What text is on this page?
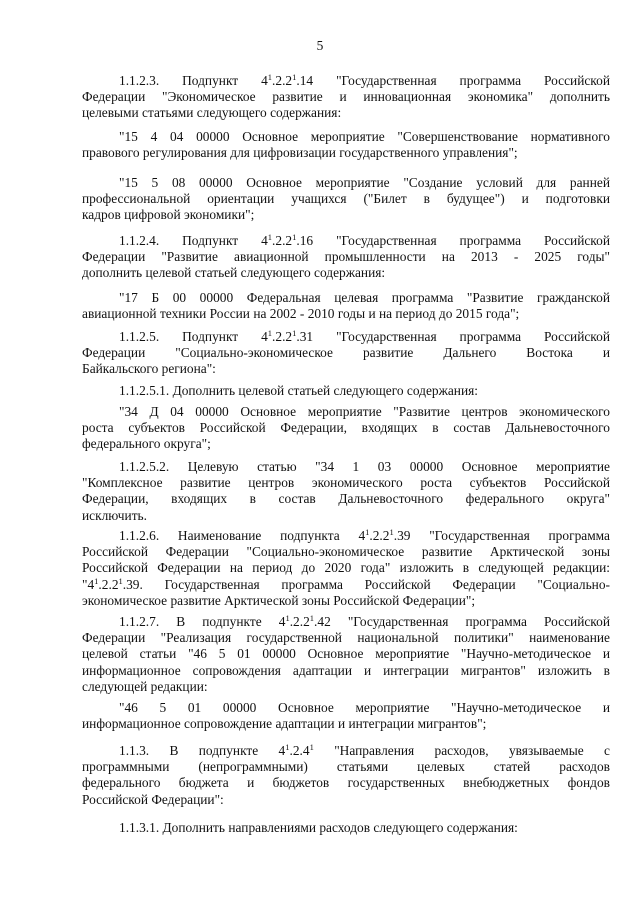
5
1.1.2.3. Подпункт $4^1.2.2^1.14$ "Государственная программа Российской
Федерации "Экономическое развитие и инновационная экономика" дополнить
целевыми статьями следующего содержания:
"15 4 04 00000 Основное мероприятие "Совершенствование нормативного
правового регулирования для цифровизации государственного управления";
"15 5 08 00000 Основное мероприятие "Создание условий для ранней
профессиональной ориентации учащихся ("Билет в будущее") и подготовки
кадров цифровой экономики";
1.1.2.4. Подпункт $4^1.2.2^1.16$ "Государственная программа Российской
Федерации "Развитие авиационной промышленности на 2013 - 2025 годы"
дополнить целевой статьей следующего содержания:
"17 Б 00 00000 Федеральная целевая программа "Развитие гражданской
авиационной техники России на 2002 - 2010 годы и на период до 2015 года";
1.1.2.5. Подпункт $4^1.2.2^1.31$ "Государственная программа Российской
Федерации "Социально-экономическое развитие Дальнего Востока и
Байкальского региона":
1.1.2.5.1. Дополнить целевой статьей следующего содержания:
"34 Д 04 00000 Основное мероприятие "Развитие центров экономического
роста субъектов Российской Федерации, входящих в состав Дальневосточного
федерального округа";
1.1.2.5.2. Целевую статью "34 1 03 00000 Основное мероприятие
"Комплексное развитие центров экономического роста субъектов Российской
Федерации, входящих в состав Дальневосточного федерального округа"
исключить.
1.1.2.6. Наименование подпункта $4^1.2.2^1.39$ "Государственная программа
Российской Федерации "Социально-экономическое развитие Арктической зоны
Российской Федерации на период до 2020 года" изложить в следующей редакции:
"$4^1.2.2^1.39$. Государственная программа Российской Федерации "Социально-
экономическое развитие Арктической зоны Российской Федерации";
1.1.2.7. В подпункте $4^1.2.2^1.42$ "Государственная программа Российской
Федерации "Реализация государственной национальной политики" наименование
целевой статьи "46 5 01 00000 Основное мероприятие "Научно-методическое и
информационное сопровождения адаптации и интеграции мигрантов" изложить в
следующей редакции:
"46 5 01 00000 Основное мероприятие "Научно-методическое и
информационное сопровождение адаптации и интеграции мигрантов";
1.1.3. В подпункте $4^1.2.4^1$ "Направления расходов, увязываемые с
программными (непрограммными) статьями целевых статей расходов
федерального бюджета и бюджетов государственных внебюджетных фондов
Российской Федерации":
1.1.3.1. Дополнить направлениями расходов следующего содержания:
